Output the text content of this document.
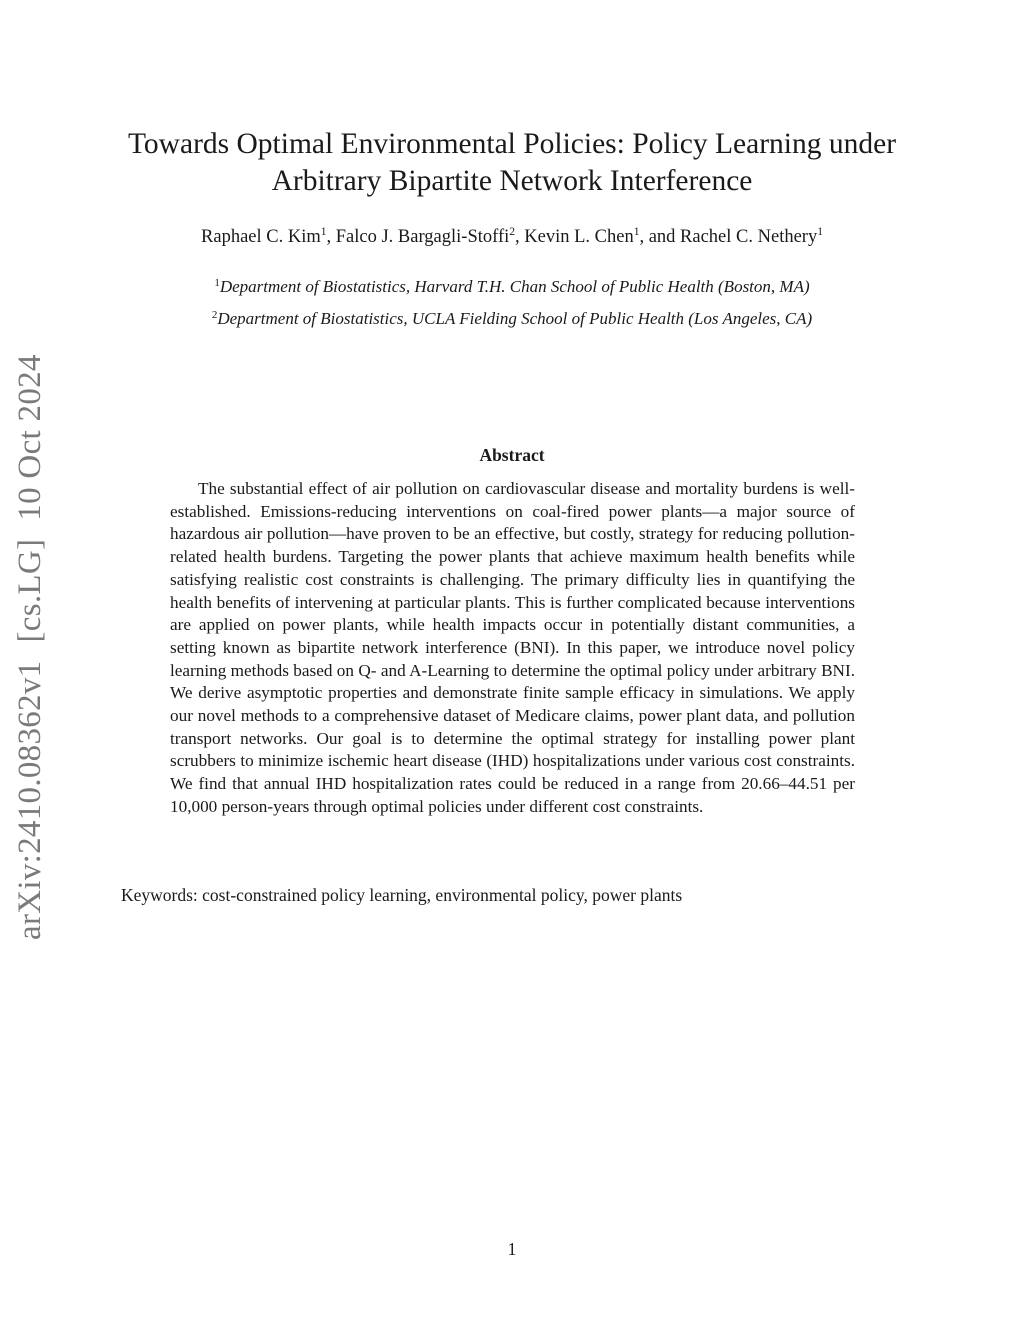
arXiv:2410.08362v1[cs.LG]10 Oct 2024
Towards Optimal Environmental Policies: Policy Learning under
Arbitrary Bipartite Network Interference
Raphael C. Kim$^1$, Falco J. Bargagli-Stoffi$^2$, Kevin L. Chen$^1$, and Rachel C. Nethery$^1$
$^1$Department of Biostatistics, Harvard T.H. Chan School of Public Health (Boston, MA)
$^2$Department of Biostatistics, UCLA Fielding School of Public Health (Los Angeles, CA)
Abstract

The substantial effect of air pollution on cardiovascular disease and mortality burdens is well-established. Emissions-reducing interventions on coal-fired power plants—a major source of hazardous air pollution—have proven to be an effective, but costly, strategy for reducing pollution-related health burdens. Targeting the power plants that achieve maximum health benefits while satisfying realistic cost constraints is challenging. The primary difficulty lies in quantifying the health benefits of intervening at particular plants. This is further complicated because interventions are applied on power plants, while health impacts occur in potentially distant communities, a setting known as bipartite network interference (BNI). In this paper, we introduce novel policy learning methods based on Q- and A-Learning to determine the optimal policy under arbitrary BNI. We derive asymptotic properties and demonstrate finite sample efficacy in simulations. We apply our novel methods to a comprehensive dataset of Medicare claims, power plant data, and pollution transport networks. Our goal is to determine the optimal strategy for installing power plant scrubbers to minimize ischemic heart disease (IHD) hospitalizations under various cost constraints. We find that annual IHD hospitalization rates could be reduced in a range from 20.66–44.51 per 10,000 person-years through optimal policies under different cost constraints.

Keywords: cost-constrained policy learning, environmental policy, power plants
1
